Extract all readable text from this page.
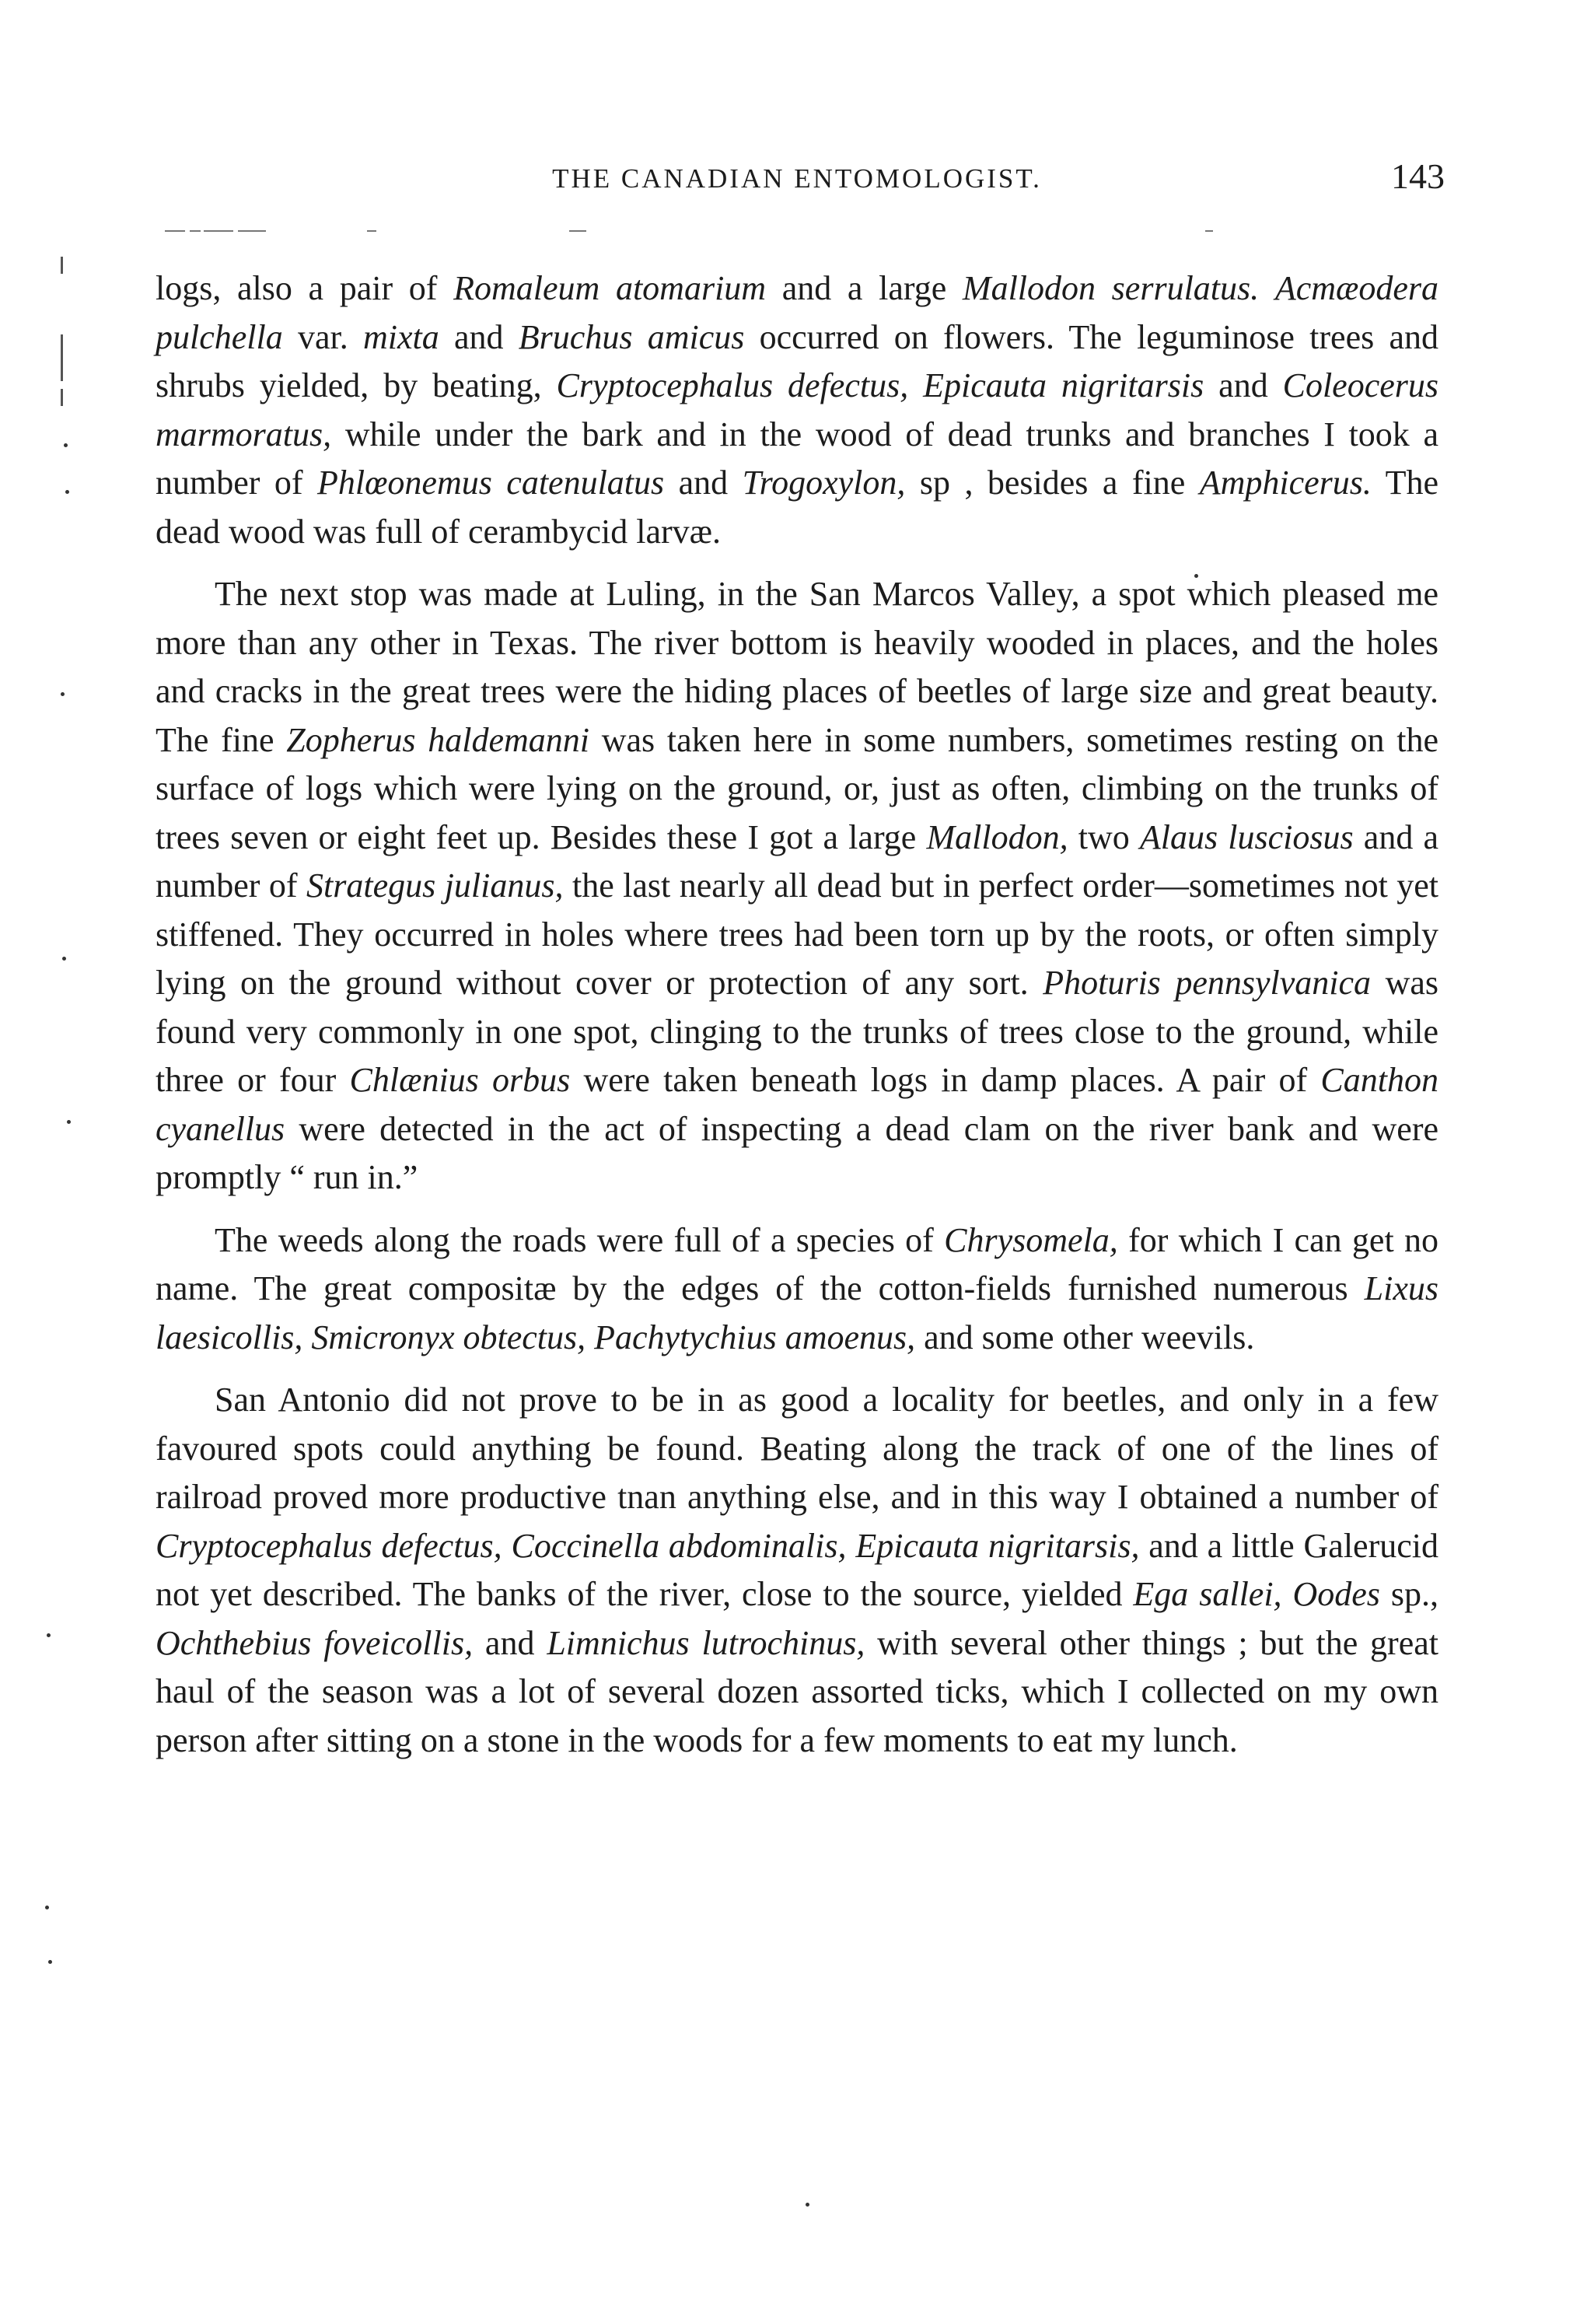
THE CANADIAN ENTOMOLOGIST.	143

logs, also a pair of Romaleum atomarium and a large Mallodon serrulatus. Acmæodera pulchella var. mixta and Bruchus amicus occurred on flowers. The leguminose trees and shrubs yielded, by beating, Cryptocephalus defectus, Epicauta nigritarsis and Coleocerus marmoratus, while under the bark and in the wood of dead trunks and branches I took a number of Phlœonemus catenulatus and Trogoxylon, sp , besides a fine Amphicerus. The dead wood was full of cerambycid larvæ.

The next stop was made at Luling, in the San Marcos Valley, a spot which pleased me more than any other in Texas. The river bottom is heavily wooded in places, and the holes and cracks in the great trees were the hiding places of beetles of large size and great beauty. The fine Zopherus haldemanni was taken here in some numbers, sometimes resting on the surface of logs which were lying on the ground, or, just as often, climbing on the trunks of trees seven or eight feet up. Besides these I got a large Mallodon, two Alaus lusciosus and a number of Strategus julianus, the last nearly all dead but in perfect order—sometimes not yet stiffened. They occurred in holes where trees had been torn up by the roots, or often simply lying on the ground without cover or protection of any sort. Photuris pennsylvanica was found very commonly in one spot, clinging to the trunks of trees close to the ground, while three or four Chlænius orbus were taken beneath logs in damp places. A pair of Canthon cyanellus were detected in the act of inspecting a dead clam on the river bank and were promptly “ run in.”

The weeds along the roads were full of a species of Chrysomela, for which I can get no name. The great compositæ by the edges of the cotton-fields furnished numerous Lixus laesicollis, Smicronyx obtectus, Pachytychius amoenus, and some other weevils.

San Antonio did not prove to be in as good a locality for beetles, and only in a few favoured spots could anything be found. Beating along the track of one of the lines of railroad proved more productive tnan anything else, and in this way I obtained a number of Cryptocephalus defectus, Coccinella abdominalis, Epicauta nigritarsis, and a little Galerucid not yet described. The banks of the river, close to the source, yielded Ega sallei, Oodes sp., Ochthebius foveicollis, and Limnichus lutrochinus, with several other things ; but the great haul of the season was a lot of several dozen assorted ticks, which I collected on my own person after sitting on a stone in the woods for a few moments to eat my lunch.
